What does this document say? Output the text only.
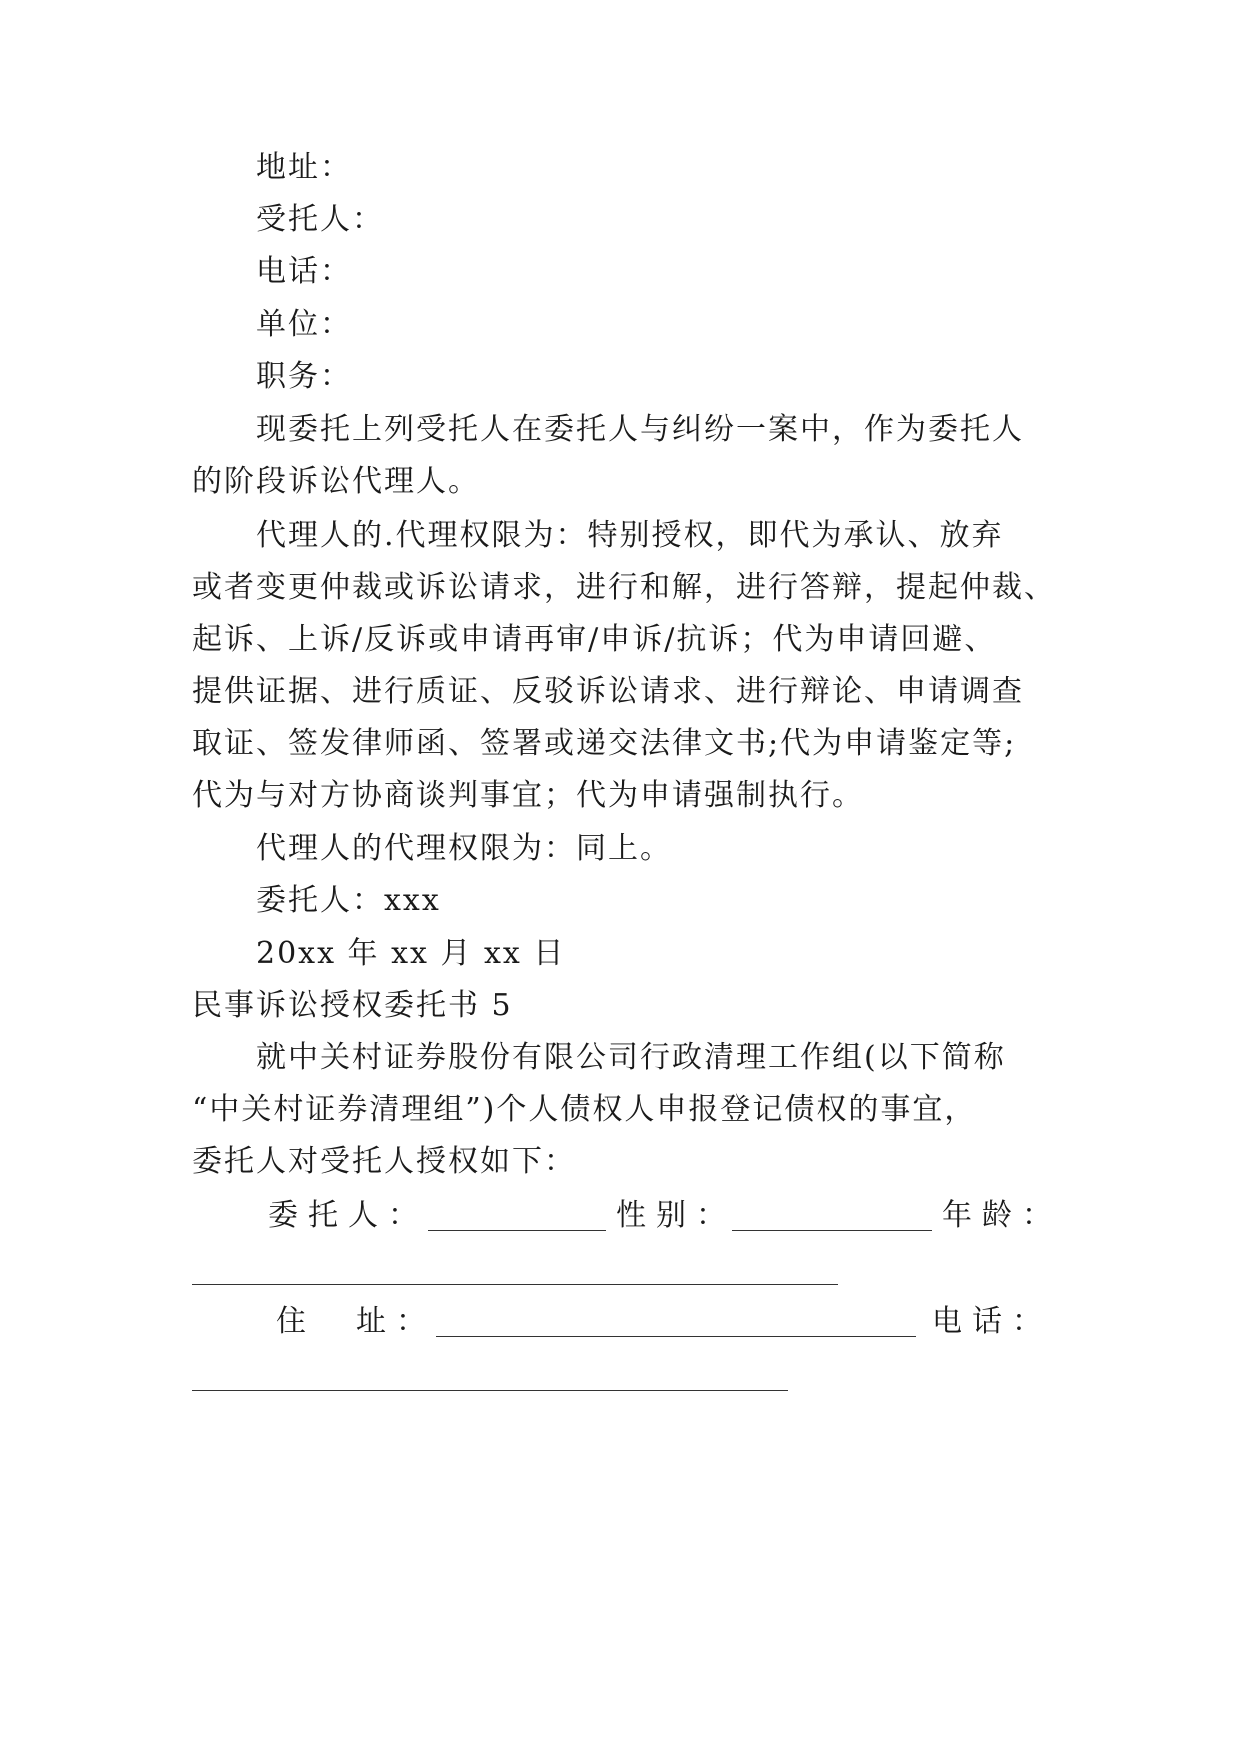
地址：
受托人：
电话：
单位：
职务：
现委托上列受托人在委托人与纠纷一案中，作为委托人
的阶段诉讼代理人。
代理人的.代理权限为：特别授权，即代为承认、放弃
或者变更仲裁或诉讼请求，进行和解，进行答辩，提起仲裁、
起诉、上诉/反诉或申请再审/申诉/抗诉；代为申请回避、
提供证据、进行质证、反驳诉讼请求、进行辩论、申请调查
取证、签发律师函、签署或递交法律文书;代为申请鉴定等;
代为与对方协商谈判事宜；代为申请强制执行。
代理人的代理权限为：同上。
委托人：xxx
20xx 年 xx 月 xx 日
民事诉讼授权委托书 5
就中关村证券股份有限公司行政清理工作组(以下简称
“中关村证券清理组”)个人债权人申报登记债权的事宜，
委托人对受托人授权如下：
委托人：	性别：	年龄：
住　址：	电话：
